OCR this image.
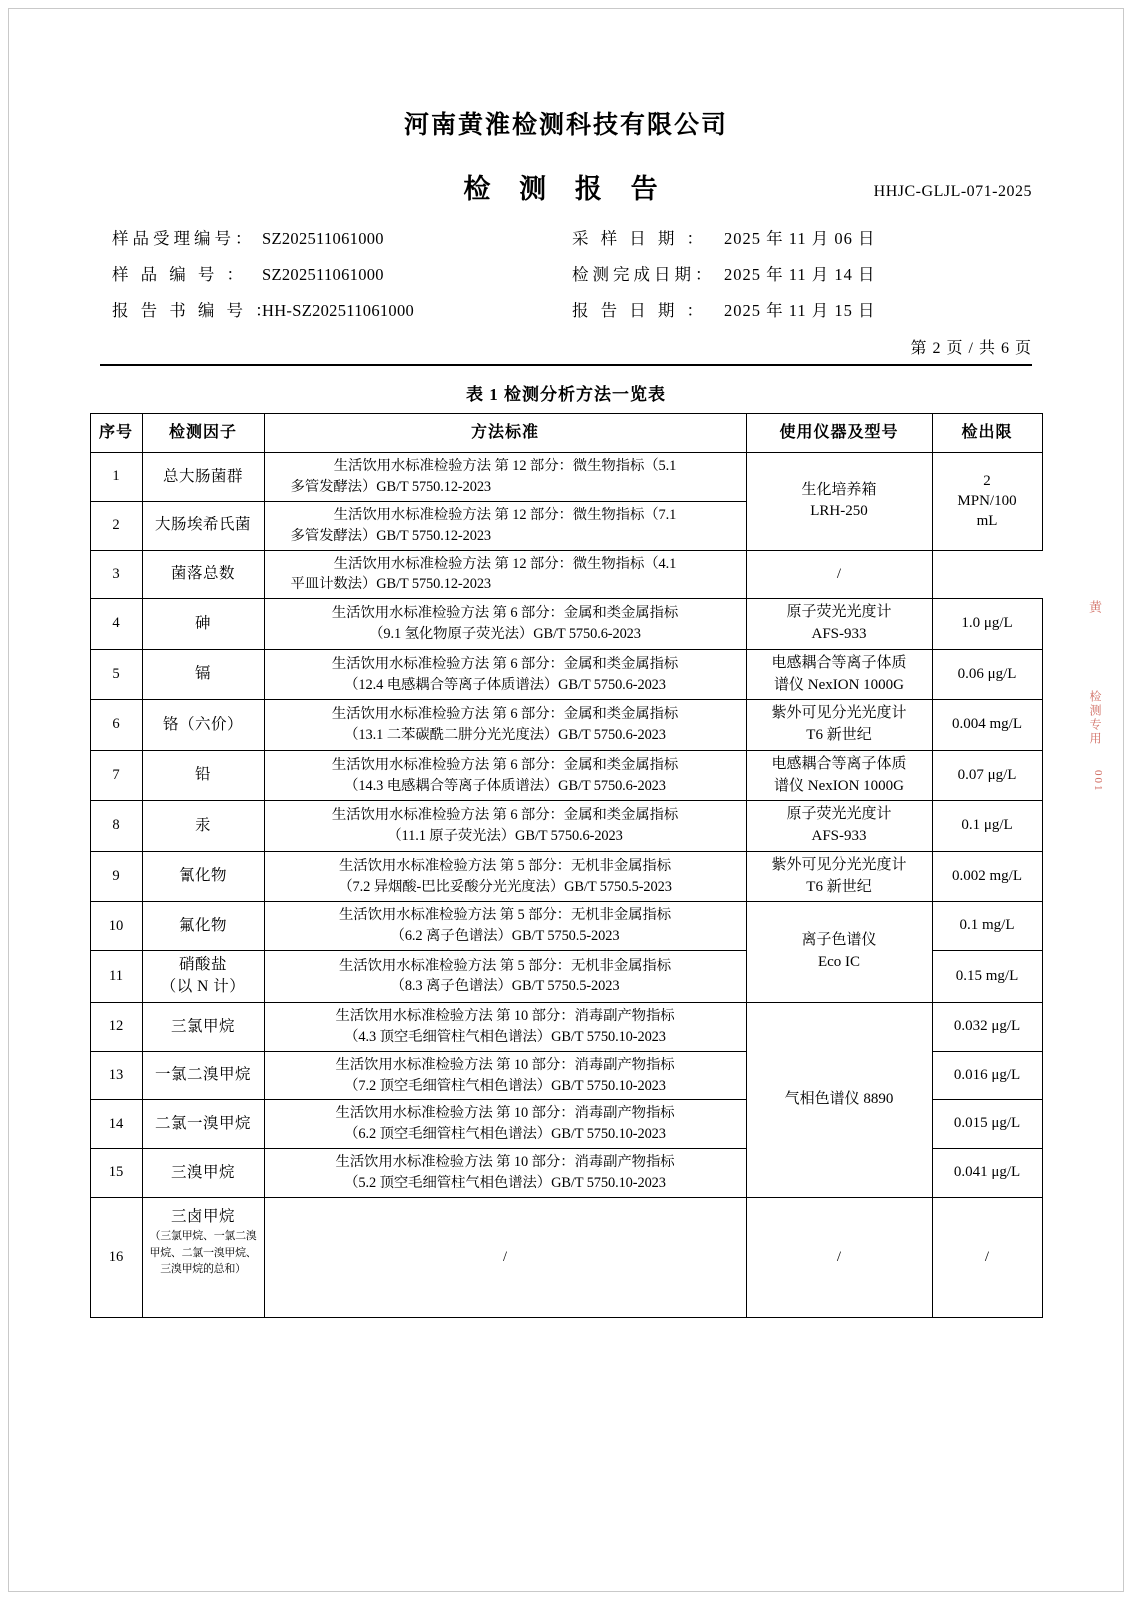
河南黄淮检测科技有限公司
检 测 报 告	HHJC-GLJL-071-2025
样品受理编号： SZ202511061000	采 样 日 期 ：	2025 年 11 月 06 日
样 品 编 号 ： SZ202511061000	检测完成日期： 2025 年 11 月 14 日
报 告 书 编 号 ：
HH-SZ202511061000	报 告 日 期 ：	2025 年 11 月 15 日
第 2 页 / 共 6 页
表 1 检测分析方法一览表
序号	检测因子	方法标准	使用仪器及型号	检出限
1	总大肠菌群	生活饮用水标准检验方法 第 12 部分：微生物指标（5.1
多管发酵法）GB/T 5750.12-2023	生化培养箱
LRH-250	2
MPN/100
mL

2	大肠埃希氏菌	生活饮用水标准检验方法 第 12 部分：微生物指标（7.1
多管发酵法）GB/T 5750.12-2023		

3	菌落总数	生活饮用水标准检验方法 第 12 部分：微生物指标（4.1
平皿计数法）GB/T 5750.12-2023	/	
4	砷	生活饮用水标准检验方法 第 6 部分：金属和类金属指标
（9.1 氢化物原子荧光法）GB/T 5750.6-2023	原子荧光光度计
AFS-933	1.0 μg/L
5	镉	生活饮用水标准检验方法 第 6 部分：金属和类金属指标
（12.4 电感耦合等离子体质谱法）GB/T 5750.6-2023	电感耦合等离子体质
谱仪 NexION 1000G	0.06 μg/L
6	铬（六价）	生活饮用水标准检验方法 第 6 部分：金属和类金属指标
（13.1 二苯碳酰二肼分光光度法）GB/T 5750.6-2023	紫外可见分光光度计
T6 新世纪	0.004 mg/L
7	铅	生活饮用水标准检验方法 第 6 部分：金属和类金属指标
（14.3 电感耦合等离子体质谱法）GB/T 5750.6-2023	电感耦合等离子体质
谱仪 NexION 1000G	0.07 μg/L
8	汞	生活饮用水标准检验方法 第 6 部分：金属和类金属指标
（11.1 原子荧光法）GB/T 5750.6-2023	原子荧光光度计
AFS-933	0.1 μg/L
9	氰化物	生活饮用水标准检验方法 第 5 部分：无机非金属指标
（7.2 异烟酸-巴比妥酸分光光度法）GB/T 5750.5-2023	紫外可见分光光度计
T6 新世纪	0.002 mg/L
10	氟化物	生活饮用水标准检验方法 第 5 部分：无机非金属指标
（6.2 离子色谱法）GB/T 5750.5-2023	离子色谱仪
Eco IC	0.1 mg/L
11	硝酸盐
（以 N 计）	生活饮用水标准检验方法 第 5 部分：无机非金属指标
（8.3 离子色谱法）GB/T 5750.5-2023		0.15 mg/L
12	三氯甲烷	生活饮用水标准检验方法 第 10 部分：消毒副产物指标
（4.3 顶空毛细管柱气相色谱法）GB/T 5750.10-2023	气相色谱仪 8890	0.032 μg/L
13	一氯二溴甲烷	生活饮用水标准检验方法 第 10 部分：消毒副产物指标
（7.2 顶空毛细管柱气相色谱法）GB/T 5750.10-2023		0.016 μg/L
14	二氯一溴甲烷	生活饮用水标准检验方法 第 10 部分：消毒副产物指标
（6.2 顶空毛细管柱气相色谱法）GB/T 5750.10-2023		0.015 μg/L
15	三溴甲烷	生活饮用水标准检验方法 第 10 部分：消毒副产物指标
（5.2 顶空毛细管柱气相色谱法）GB/T 5750.10-2023		0.041 μg/L
16	三卤甲烷
（三氯甲烷、一氯二溴甲烷、二氯一溴甲烷、三溴甲烷的总和）	/	/	/
黄
检测专用
001
